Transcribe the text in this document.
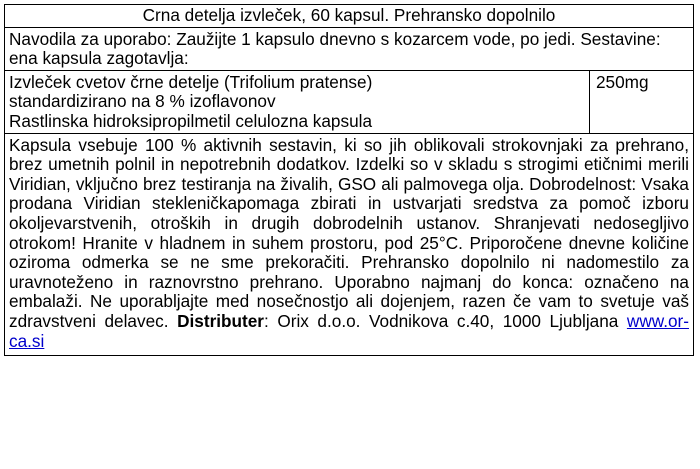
Crna detelja izvleček, 60 kapsul. Prehransko dopolnilo
Navodila za uporabo: Zaužijte 1 kapsulo dnevno s kozarcem vode, po jedi. Sestavine: ena kapsula zagotavlja:
Izvleček cvetov črne detelje (Trifolium pratense)
standardizirano na 8 % izoflavonov
Rastlinska hidroksipropilmetil celulozna kapsula
250mg
Kapsula vsebuje 100 % aktivnih sestavin, ki so jih oblikovali strokovnjaki za prehrano, brez umetnih polnil in nepotrebnih dodatkov. Izdelki so v skladu s strogimi etičnimi merili Viridian, vključno brez testiranja na živalih, GSO ali palmovega olja. Dobrodelnost: Vsaka prodana Viridian stekleničkapomaga zbirati in ustvarjati sredstva za pomoč izboru okoljevarstvenih, otroških in drugih dobrodelnih ustanov. Shranjevati nedosegljivo otrokom! Hranite v hladnem in suhem prostoru, pod 25°C. Priporočene dnevne količine oziroma odmerka se ne sme prekoračiti. Prehransko dopolnilo ni nadomestilo za uravnoteženo in raznovrstno prehrano. Uporabno najmanj do konca: označeno na embalaži. Ne uporabljajte med nosečnostjo ali dojenjem, razen če vam to svetuje vaš zdravstveni delavec. Distributer: Orix d.o.o. Vodnikova c.40, 1000 Ljubljana www.or-ca.si
